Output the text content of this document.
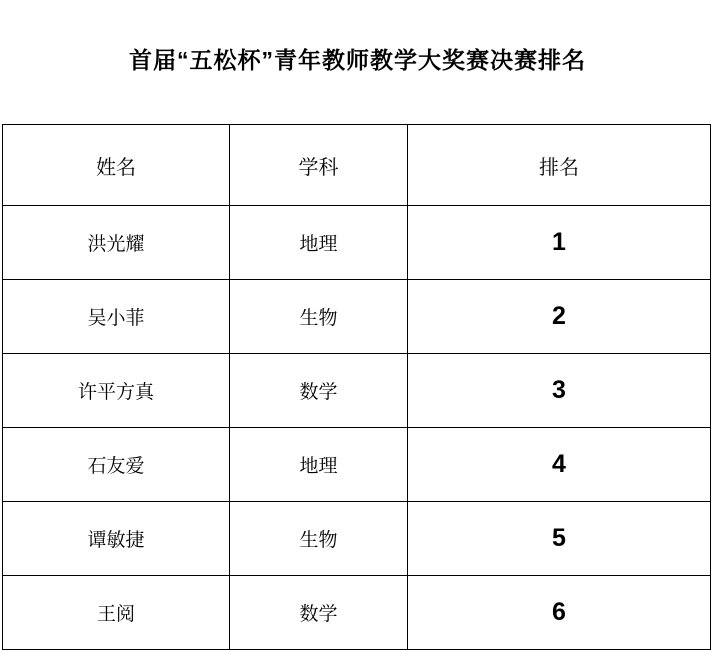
首届“五松杯”青年教师教学大奖赛决赛排名
姓名	学科	排名
洪光耀	地理	1
吴小菲	生物	2
许平方真	数学	3
石友爱	地理	4
谭敏捷	生物	5
王阅	数学	6
